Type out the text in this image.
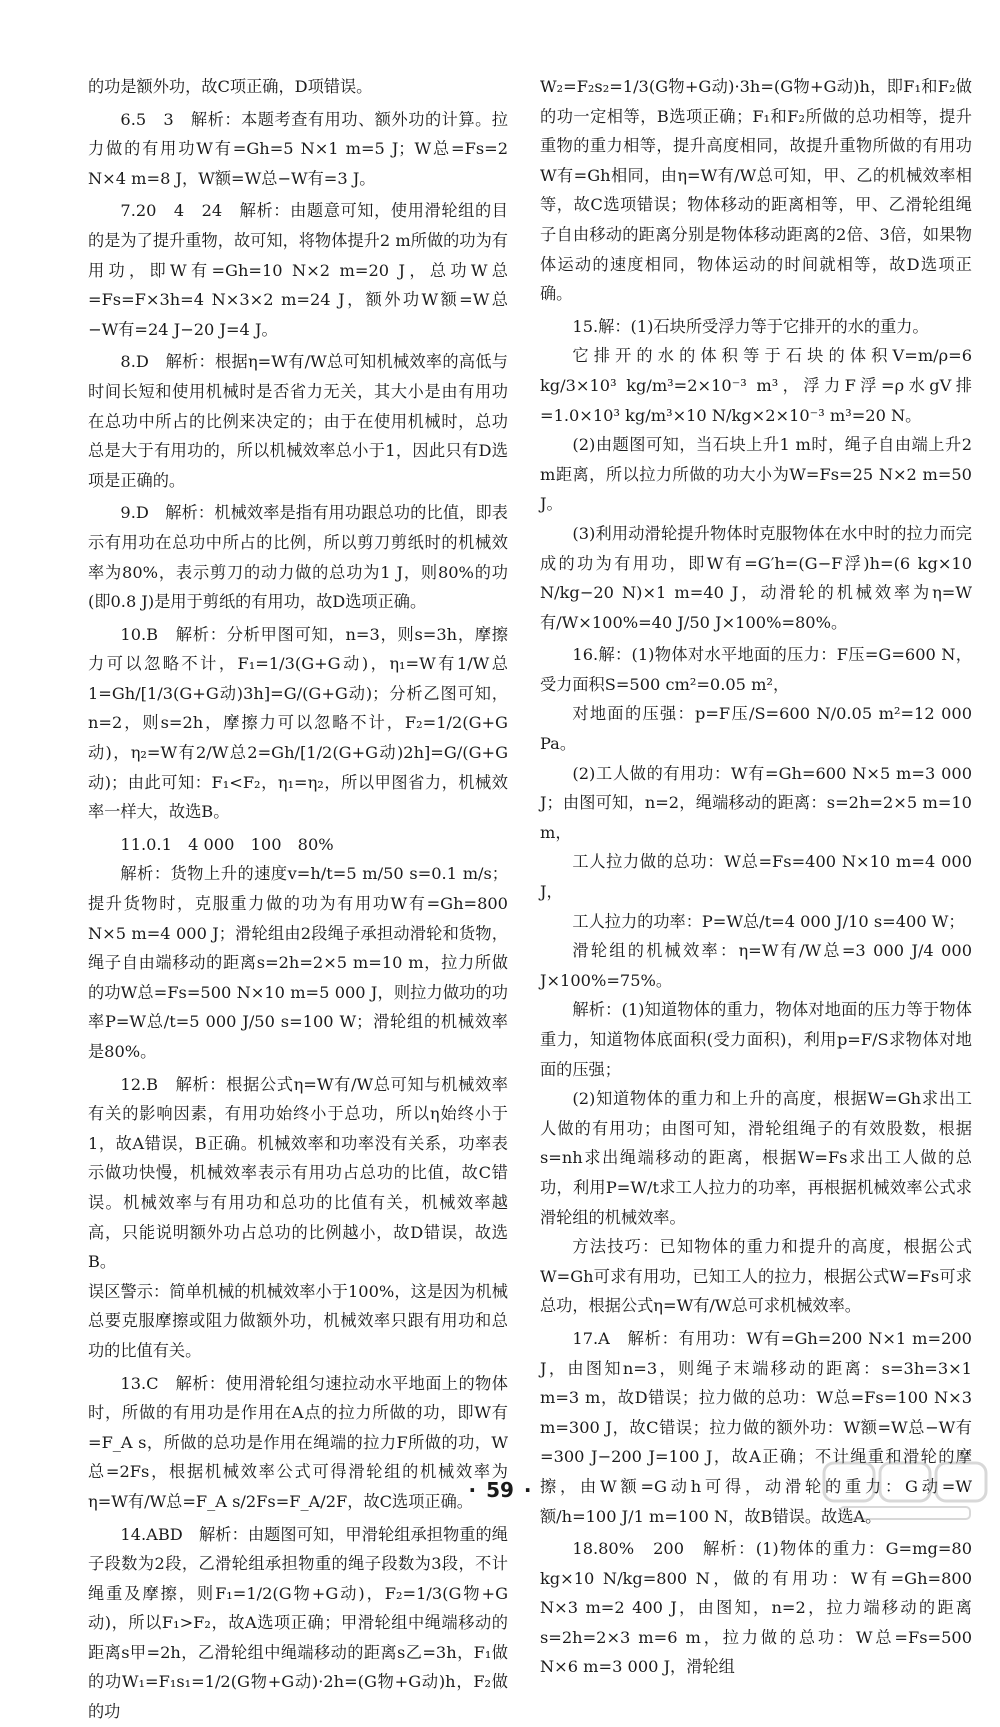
的功是额外功，故C项正确，D项错误。

6.5　3　解析：本题考查有用功、额外功的计算。拉力做的有用功W有=Gh=5 N×1 m=5 J；W总=Fs=2 N×4 m=8 J，W额=W总−W有=3 J。

7.20　4　24　解析：由题意可知，使用滑轮组的目的是为了提升重物，故可知，将物体提升2 m所做的功为有用功，即W有=Gh=10 N×2 m=20 J，总功W总=Fs=F×3h=4 N×3×2 m=24 J，额外功W额=W总−W有=24 J−20 J=4 J。

8.D　解析：根据η=W有/W总可知机械效率的高低与时间长短和使用机械时是否省力无关，其大小是由有用功在总功中所占的比例来决定的；由于在使用机械时，总功总是大于有用功的，所以机械效率总小于1，因此只有D选项是正确的。

9.D　解析：机械效率是指有用功跟总功的比值，即表示有用功在总功中所占的比例，所以剪刀剪纸时的机械效率为80%，表示剪刀的动力做的总功为1 J，则80%的功(即0.8 J)是用于剪纸的有用功，故D选项正确。

10.B　解析：分析甲图可知，n=3，则s=3h，摩擦力可以忽略不计，F₁=1/3(G+G动)，η₁=W有1/W总1=Gh/[1/3(G+G动)3h]=G/(G+G动)；分析乙图可知，n=2，则s=2h，摩擦力可以忽略不计，F₂=1/2(G+G动)，η₂=W有2/W总2=Gh/[1/2(G+G动)2h]=G/(G+G动)；由此可知：F₁<F₂，η₁=η₂，所以甲图省力，机械效率一样大，故选B。

11.0.1　4 000　100　80%

解析：货物上升的速度v=h/t=5 m/50 s=0.1 m/s；提升货物时，克服重力做的功为有用功W有=Gh=800 N×5 m=4 000 J；滑轮组由2段绳子承担动滑轮和货物，绳子自由端移动的距离s=2h=2×5 m=10 m，拉力所做的功W总=Fs=500 N×10 m=5 000 J，则拉力做功的功率P=W总/t=5 000 J/50 s=100 W；滑轮组的机械效率是80%。

12.B　解析：根据公式η=W有/W总可知与机械效率有关的影响因素，有用功始终小于总功，所以η始终小于1，故A错误，B正确。机械效率和功率没有关系，功率表示做功快慢，机械效率表示有用功占总功的比值，故C错误。机械效率与有用功和总功的比值有关，机械效率越高，只能说明额外功占总功的比例越小，故D错误，故选B。

误区警示：简单机械的机械效率小于100%，这是因为机械总要克服摩擦或阻力做额外功，机械效率只跟有用功和总功的比值有关。

13.C　解析：使用滑轮组匀速拉动水平地面上的物体时，所做的有用功是作用在A点的拉力所做的功，即W有=F_A s，所做的总功是作用在绳端的拉力F所做的功，W总=2Fs，根据机械效率公式可得滑轮组的机械效率为η=W有/W总=F_A s/2Fs=F_A/2F，故C选项正确。

14.ABD　解析：由题图可知，甲滑轮组承担物重的绳子段数为2段，乙滑轮组承担物重的绳子段数为3段，不计绳重及摩擦，则F₁=1/2(G物+G动)，F₂=1/3(G物+G动)，所以F₁>F₂，故A选项正确；甲滑轮组中绳端移动的距离s甲=2h，乙滑轮组中绳端移动的距离s乙=3h，F₁做的功W₁=F₁s₁=1/2(G物+G动)·2h=(G物+G动)h，F₂做的功

W₂=F₂s₂=1/3(G物+G动)·3h=(G物+G动)h，即F₁和F₂做的功一定相等，B选项正确；F₁和F₂所做的总功相等，提升重物的重力相等，提升高度相同，故提升重物所做的有用功W有=Gh相同，由η=W有/W总可知，甲、乙的机械效率相等，故C选项错误；物体移动的距离相等，甲、乙滑轮组绳子自由移动的距离分别是物体移动距离的2倍、3倍，如果物体运动的速度相同，物体运动的时间就相等，故D选项正确。

15.解：(1)石块所受浮力等于它排开的水的重力。

它排开的水的体积等于石块的体积V=m/ρ=6 kg/3×10³ kg/m³=2×10⁻³ m³，浮力F浮=ρ水gV排=1.0×10³ kg/m³×10 N/kg×2×10⁻³ m³=20 N。

(2)由题图可知，当石块上升1 m时，绳子自由端上升2 m距离，所以拉力所做的功大小为W=Fs=25 N×2 m=50 J。

(3)利用动滑轮提升物体时克服物体在水中时的拉力而完成的功为有用功，即W有=G′h=(G−F浮)h=(6 kg×10 N/kg−20 N)×1 m=40 J，动滑轮的机械效率为η=W有/W×100%=40 J/50 J×100%=80%。

16.解：(1)物体对水平地面的压力：F压=G=600 N，受力面积S=500 cm²=0.05 m²，

对地面的压强：p=F压/S=600 N/0.05 m²=12 000 Pa。

(2)工人做的有用功：W有=Gh=600 N×5 m=3 000 J；由图可知，n=2，绳端移动的距离：s=2h=2×5 m=10 m，

工人拉力做的总功：W总=Fs=400 N×10 m=4 000 J，

工人拉力的功率：P=W总/t=4 000 J/10 s=400 W；

滑轮组的机械效率：η=W有/W总=3 000 J/4 000 J×100%=75%。

解析：(1)知道物体的重力，物体对地面的压力等于物体重力，知道物体底面积(受力面积)，利用p=F/S求物体对地面的压强；

(2)知道物体的重力和上升的高度，根据W=Gh求出工人做的有用功；由图可知，滑轮组绳子的有效股数，根据s=nh求出绳端移动的距离，根据W=Fs求出工人做的总功，利用P=W/t求工人拉力的功率，再根据机械效率公式求滑轮组的机械效率。

方法技巧：已知物体的重力和提升的高度，根据公式W=Gh可求有用功，已知工人的拉力，根据公式W=Fs可求总功，根据公式η=W有/W总可求机械效率。

17.A　解析：有用功：W有=Gh=200 N×1 m=200 J，由图知n=3，则绳子末端移动的距离：s=3h=3×1 m=3 m，故D错误；拉力做的总功：W总=Fs=100 N×3 m=300 J，故C错误；拉力做的额外功：W额=W总−W有=300 J−200 J=100 J，故A正确；不计绳重和滑轮的摩擦，由W额=G动h可得，动滑轮的重力：G动=W额/h=100 J/1 m=100 N，故B错误。故选A。

18.80%　200　解析：(1)物体的重力：G=mg=80 kg×10 N/kg=800 N，做的有用功：W有=Gh=800 N×3 m=2 400 J，由图知，n=2，拉力端移动的距离s=2h=2×3 m=6 m，拉力做的总功：W总=Fs=500 N×6 m=3 000 J，滑轮组

· 59 ·
